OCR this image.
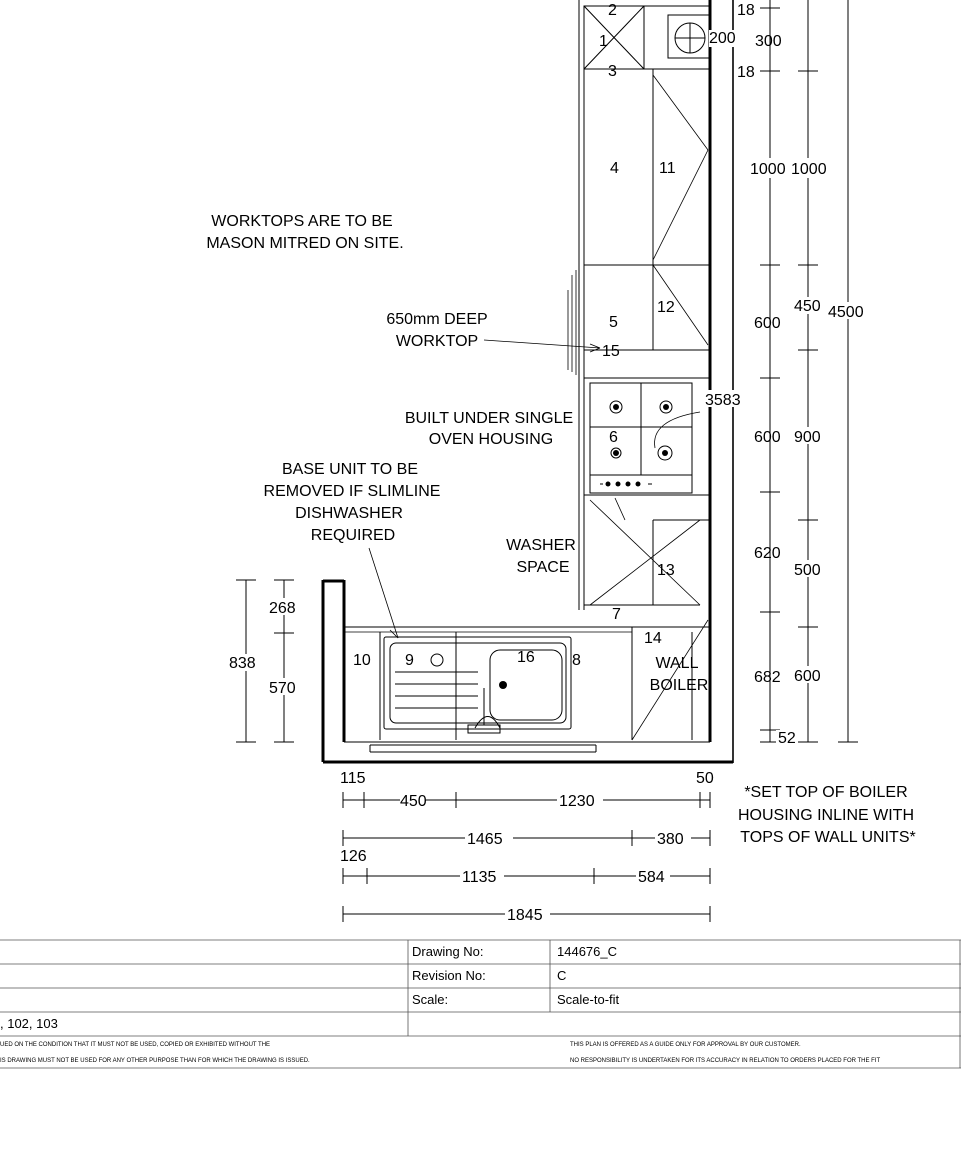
WORKTOPS ARE TO BE
MASON MITRED ON SITE.
650mm DEEP
WORKTOP
BUILT UNDER SINGLE
OVEN HOUSING
BASE UNIT TO BE
REMOVED IF SLIMLINE
DISHWASHER
REQUIRED
WASHER
SPACE
WALL
BOILER
*SET TOP OF BOILER
HOUSING INLINE WITH
TOPS OF WALL UNITS*
1
2
3
4
5
6
7
8
9
10
11
12
13
14
15
16
18
300
18
1000
600
600
620
682
52
200
1000
450
900
500
600
4500
3583
838
268
570
115	50
450	1230
1465	380
126
1135	584
1845
Drawing No:	144676_C
Revision No:	C
Scale:	Scale-to-fit
, 102, 103
UED ON THE CONDITION THAT IT MUST NOT BE USED, COPIED OR EXHIBITED WITHOUT THE
IS DRAWING MUST NOT BE USED FOR ANY OTHER PURPOSE THAN FOR WHICH THE DRAWING IS ISSUED.
THIS PLAN IS OFFERED AS A GUIDE ONLY FOR APPROVAL BY OUR CUSTOMER.
NO RESPONSIBILITY IS UNDERTAKEN FOR ITS ACCURACY IN RELATION TO ORDERS PLACED FOR THE FIT
